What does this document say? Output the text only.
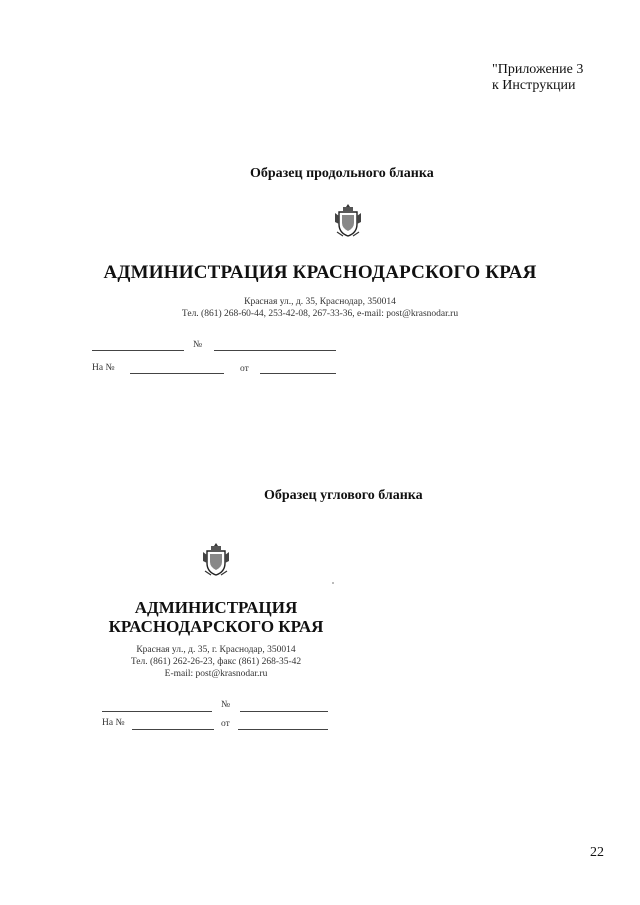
"Приложение 3
к Инструкции
Образец продольного бланка
АДМИНИСТРАЦИЯ КРАСНОДАРСКОГО КРАЯ
Красная ул., д. 35, Краснодар, 350014
Тел. (861) 268-60-44, 253-42-08, 267-33-36, e-mail: post@krasnodar.ru
№
На №	от
Образец углового бланка
АДМИНИСТРАЦИЯ
КРАСНОДАРСКОГО КРАЯ
Красная ул., д. 35, г. Краснодар, 350014
Тел. (861) 262-26-23, факс (861) 268-35-42
E-mail: post@krasnodar.ru
№
На №	от
22
